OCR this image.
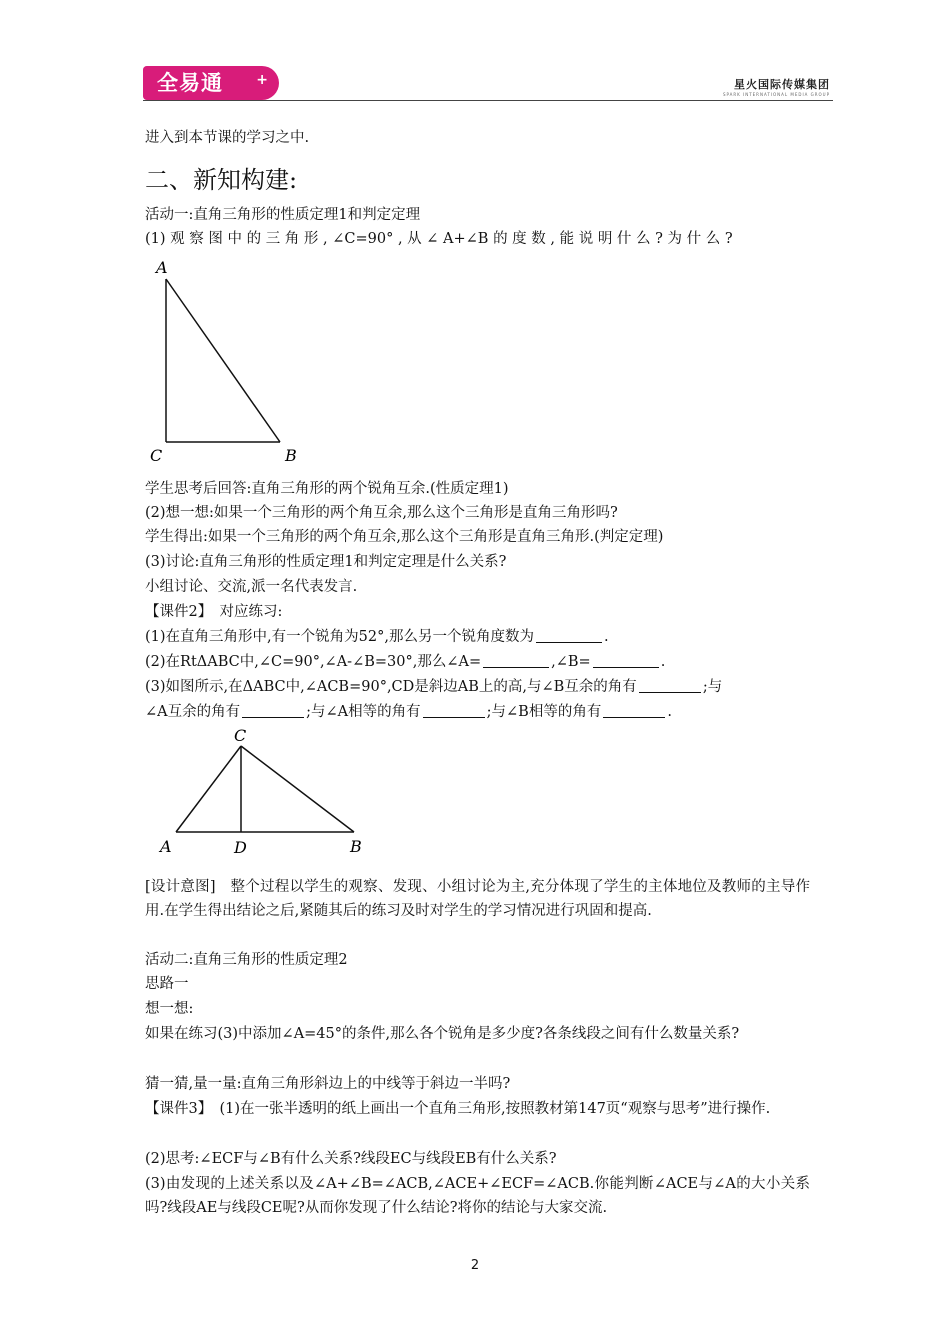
全易通 +	星火国际传媒集团
SPARK INTERNATIONAL MEDIA GROUP
进入到本节课的学习之中.
二、新知构建:
活动一:直角三角形的性质定理1和判定定理
(1) 观 察 图 中 的 三 角 形 , ∠C=90° , 从 ∠ A+∠B 的 度 数 , 能 说 明 什 么 ? 为 什 么 ?
A
C	B
学生思考后回答:直角三角形的两个锐角互余.(性质定理1)
(2)想一想:如果一个三角形的两个角互余,那么这个三角形是直角三角形吗?
学生得出:如果一个三角形的两个角互余,那么这个三角形是直角三角形.(判定定理)
(3)讨论:直角三角形的性质定理1和判定定理是什么关系?
小组讨论、交流,派一名代表发言.
【课件2】　对应练习:
(1)在直角三角形中,有一个锐角为52°,那么另一个锐角度数为	.
(2)在RtΔABC中,∠C=90°,∠A-∠B=30°,那么∠A=	,∠B=	.
(3)如图所示,在ΔABC中,∠ACB=90°,CD是斜边AB上的高,与∠B互余的角有	;与
∠A互余的角有	;与∠A相等的角有	;与∠B相等的角有	.
C
A	D	B
[设计意图]　整个过程以学生的观察、发现、小组讨论为主,充分体现了学生的主体地位及教师的主导作用.在学生得出结论之后,紧随其后的练习及时对学生的学习情况进行巩固和提高.
活动二:直角三角形的性质定理2
思路一
想一想:
如果在练习(3)中添加∠A=45°的条件,那么各个锐角是多少度?各条线段之间有什么数量关系?
猜一猜,量一量:直角三角形斜边上的中线等于斜边一半吗?
【课件3】　(1)在一张半透明的纸上画出一个直角三角形,按照教材第147页“观察与思考”进行操作.
(2)思考:∠ECF与∠B有什么关系?线段EC与线段EB有什么关系?
(3)由发现的上述关系以及∠A+∠B=∠ACB,∠ACE+∠ECF=∠ACB.你能判断∠ACE与∠A的大小关系吗?线段AE与线段CE呢?从而你发现了什么结论?将你的结论与大家交流.
2
